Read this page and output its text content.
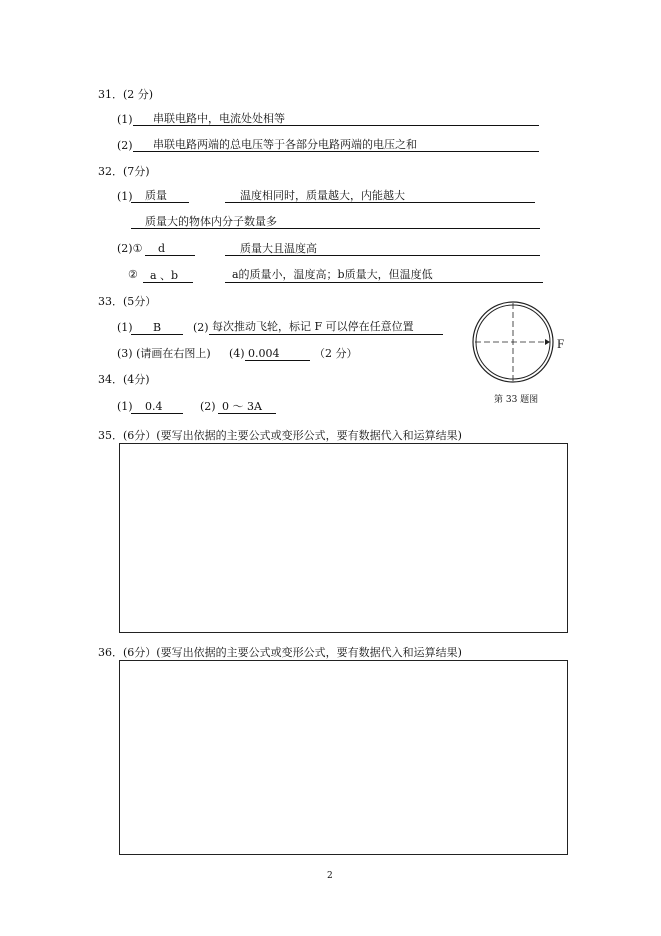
31．(2 分)
(1) 串联电路中，电流处处相等
(2) 串联电路两端的总电压等于各部分电路两端的电压之和
32．(7分)
(1) 质量	温度相同时，质量越大，内能越大
质量大的物体内分子数量多
(2)① d	质量大且温度高
② a 、b	a的质量小，温度高；b质量大，但温度低
33．(5分）
(1) B	(2) 每次推动飞轮，标记 F 可以停在任意位置
(3) (请画在右图上) (4) 0.004	（2 分）
F
第 33 题图
34．(4分)
(1) 0.4	(2) 0 ～ 3A
35．(6分）(要写出依据的主要公式或变形公式，要有数据代入和运算结果)
36．(6分）(要写出依据的主要公式或变形公式，要有数据代入和运算结果)
2
